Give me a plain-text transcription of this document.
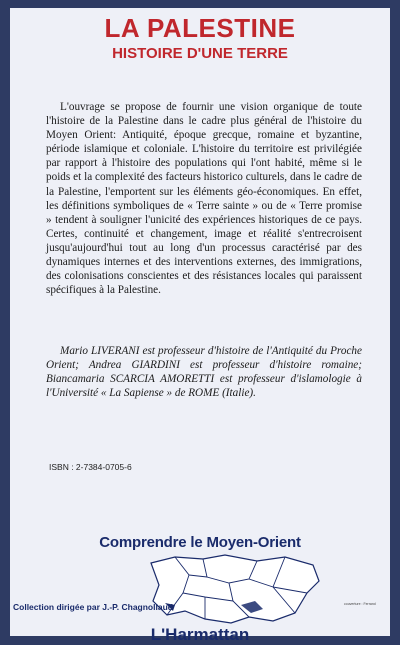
LA PALESTINE
HISTOIRE D'UNE TERRE

L'ouvrage se propose de fournir une vision organique de toute l'histoire de la Palestine dans le cadre plus général de l'histoire du Moyen Orient: Antiquité, époque grecque, romaine et byzantine, période islamique et coloniale. L'histoire du territoire est privilégiée par rapport à l'histoire des populations qui l'ont habité, même si le poids et la complexité des facteurs historico culturels, dans le cadre de la Palestine, l'emportent sur les éléments géo-économiques. En effet, les définitions symboliques de « Terre sainte » ou de « Terre promise » tendent à souligner l'unicité des expériences historiques de ce pays. Certes, continuité et changement, image et réalité s'entrecroisent jusqu'aujourd'hui tout au long d'un processus caractérisé par des dynamiques internes et des interventions externes, des immigrations, des colonisations conscientes et des résistances locales qui paraissent spécifiques à la Palestine.

Mario LIVERANI est professeur d'histoire de l'Antiquité du Proche Orient; Andrea GIARDINI est professeur d'histoire romaine; Biancamaria SCARCIA AMORETTI est professeur d'islamologie à l'Université « La Sapiense » de ROME (Italie).
ISBN : 2-7384-0705-6
Comprendre le Moyen-Orient
Collection dirigée par J.-P. Chagnollaud	couverture : Ferrand
L'Harmattan
